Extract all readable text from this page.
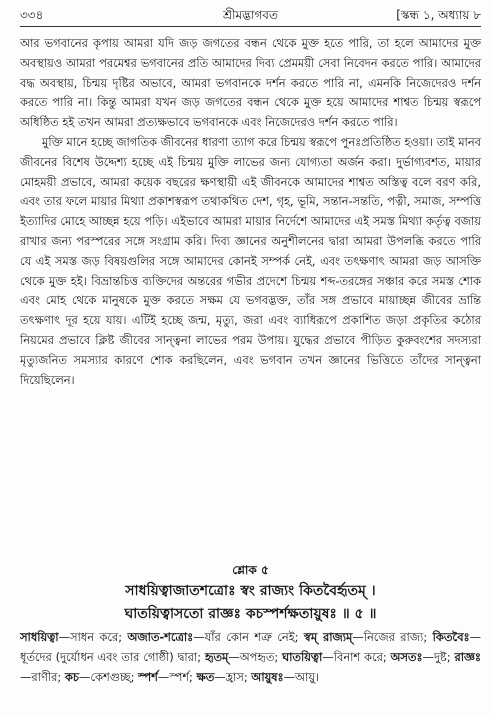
৩৩৪	শ্রীমদ্ভাগবত	[স্কন্ধ ১, অধ্যায় ৮

আর ভগবানের কৃপায় আমরা যদি জড় জগতের বন্ধন থেকে মুক্ত হতে পারি, তা হলে আমাদের মুক্ত অবস্থায়ও আমরা পরমেশ্বর ভগবানের প্রতি আমাদের দিব্য প্রেমময়ী সেবা নিবেদন করতে পারি। আমাদের বদ্ধ অবস্থায়, চিন্ময় দৃষ্টির অভাবে, আমরা ভগবানকে দর্শন করতে পারি না, এমনকি নিজেদেরও দর্শন করতে পারি না। কিন্তু আমরা যখন জড় জগতের বন্ধন থেকে মুক্ত হয়ে আমাদের শাশ্বত চিন্ময় স্বরূপে অধিষ্ঠিত হই তখন আমরা প্রত্যক্ষভাবে ভগবানকে এবং নিজেদেরও দর্শন করতে পারি।

মুক্তি মানে হচ্ছে জাগতিক জীবনের ধারণা ত্যাগ করে চিন্ময় স্বরূপে পুনঃপ্রতিষ্ঠিত হওয়া। তাই মানব জীবনের বিশেষ উদ্দেশ্য হচ্ছে এই চিন্ময় মুক্তি লাভের জন্য যোগ্যতা অর্জন করা। দুর্ভাগ্যবশত, মায়ার মোহময়ী প্রভাবে, আমরা কয়েক বছরের ক্ষণস্থায়ী এই জীবনকে আমাদের শাশ্বত অস্তিত্ব বলে বরণ করি, এবং তার ফলে মায়ার মিথ্যা প্রকাশস্বরূপ তথাকথিত দেশ, গৃহ, ভূমি, সন্তান-সন্ততি, পত্নী, সমাজ, সম্পত্তি ইত্যাদির মোহে আচ্ছন্ন হয়ে পড়ি। এইভাবে আমরা মায়ার নির্দেশে আমাদের এই সমস্ত মিথ্যা কর্তৃত্ব বজায় রাখার জন্য পরস্পরের সঙ্গে সংগ্রাম করি। দিব্য জ্ঞানের অনুশীলনের দ্বারা আমরা উপলব্ধি করতে পারি যে এই সমস্ত জড় বিষয়গুলির সঙ্গে আমাদের কোনই সম্পর্ক নেই, এবং তৎক্ষণাৎ আমরা জড় আসক্তি থেকে মুক্ত হই। বিভ্রান্তচিত্ত ব্যক্তিদের অন্তরের গভীর প্রদেশে চিন্ময় শব্দ-তরঙ্গের সঞ্চার করে সমস্ত শোক এবং মোহ থেকে মানুষকে মুক্ত করতে সক্ষম যে ভগবদ্ভক্ত, তাঁর সঙ্গ প্রভাবে মায়াচ্ছন্ন জীবের ভ্রান্তি তৎক্ষণাৎ দূর হয়ে যায়। এটিই হচ্ছে জন্ম, মৃত্যু, জরা এবং ব্যাধিরূপে প্রকাশিত জড়া প্রকৃতির কঠোর নিয়মের প্রভাবে ক্লিষ্ট জীবের সান্ত্বনা লাভের পরম উপায়। যুদ্ধের প্রভাবে পীড়িত কুরুবংশের সদস্যরা মৃত্যুজনিত সমস্যার কারণে শোক করছিলেন, এবং ভগবান তখন জ্ঞানের ভিত্তিতে তাঁদের সান্ত্বনা দিয়েছিলেন।

শ্লোক ৫
সাধয়িত্বাজাতশত্রোঃ স্বং রাজ্যং কিতবৈর্হৃতম্ ।
ঘাতয়িত্বাসতো রাজ্ঞঃ কচস্পর্শক্ষতায়ুষঃ ॥ ৫ ॥
সাধয়িত্বা—সাধন করে; অজাত-শত্রোঃ—যাঁর কোন শত্রু নেই; স্বম্ রাজ্যম্—নিজের রাজ্য; কিতবৈঃ—ধূর্তদের (দুর্যোধন এবং তার গোষ্ঠী) দ্বারা; হৃতম্—অপহৃত; ঘাতয়িত্বা—বিনাশ করে; অসতঃ—দুষ্ট; রাজ্ঞঃ—রাণীর; কচ—কেশগুচ্ছ; স্পর্শ—স্পর্শ; ক্ষত—হ্রাস; আয়ুষঃ—আয়ু।
